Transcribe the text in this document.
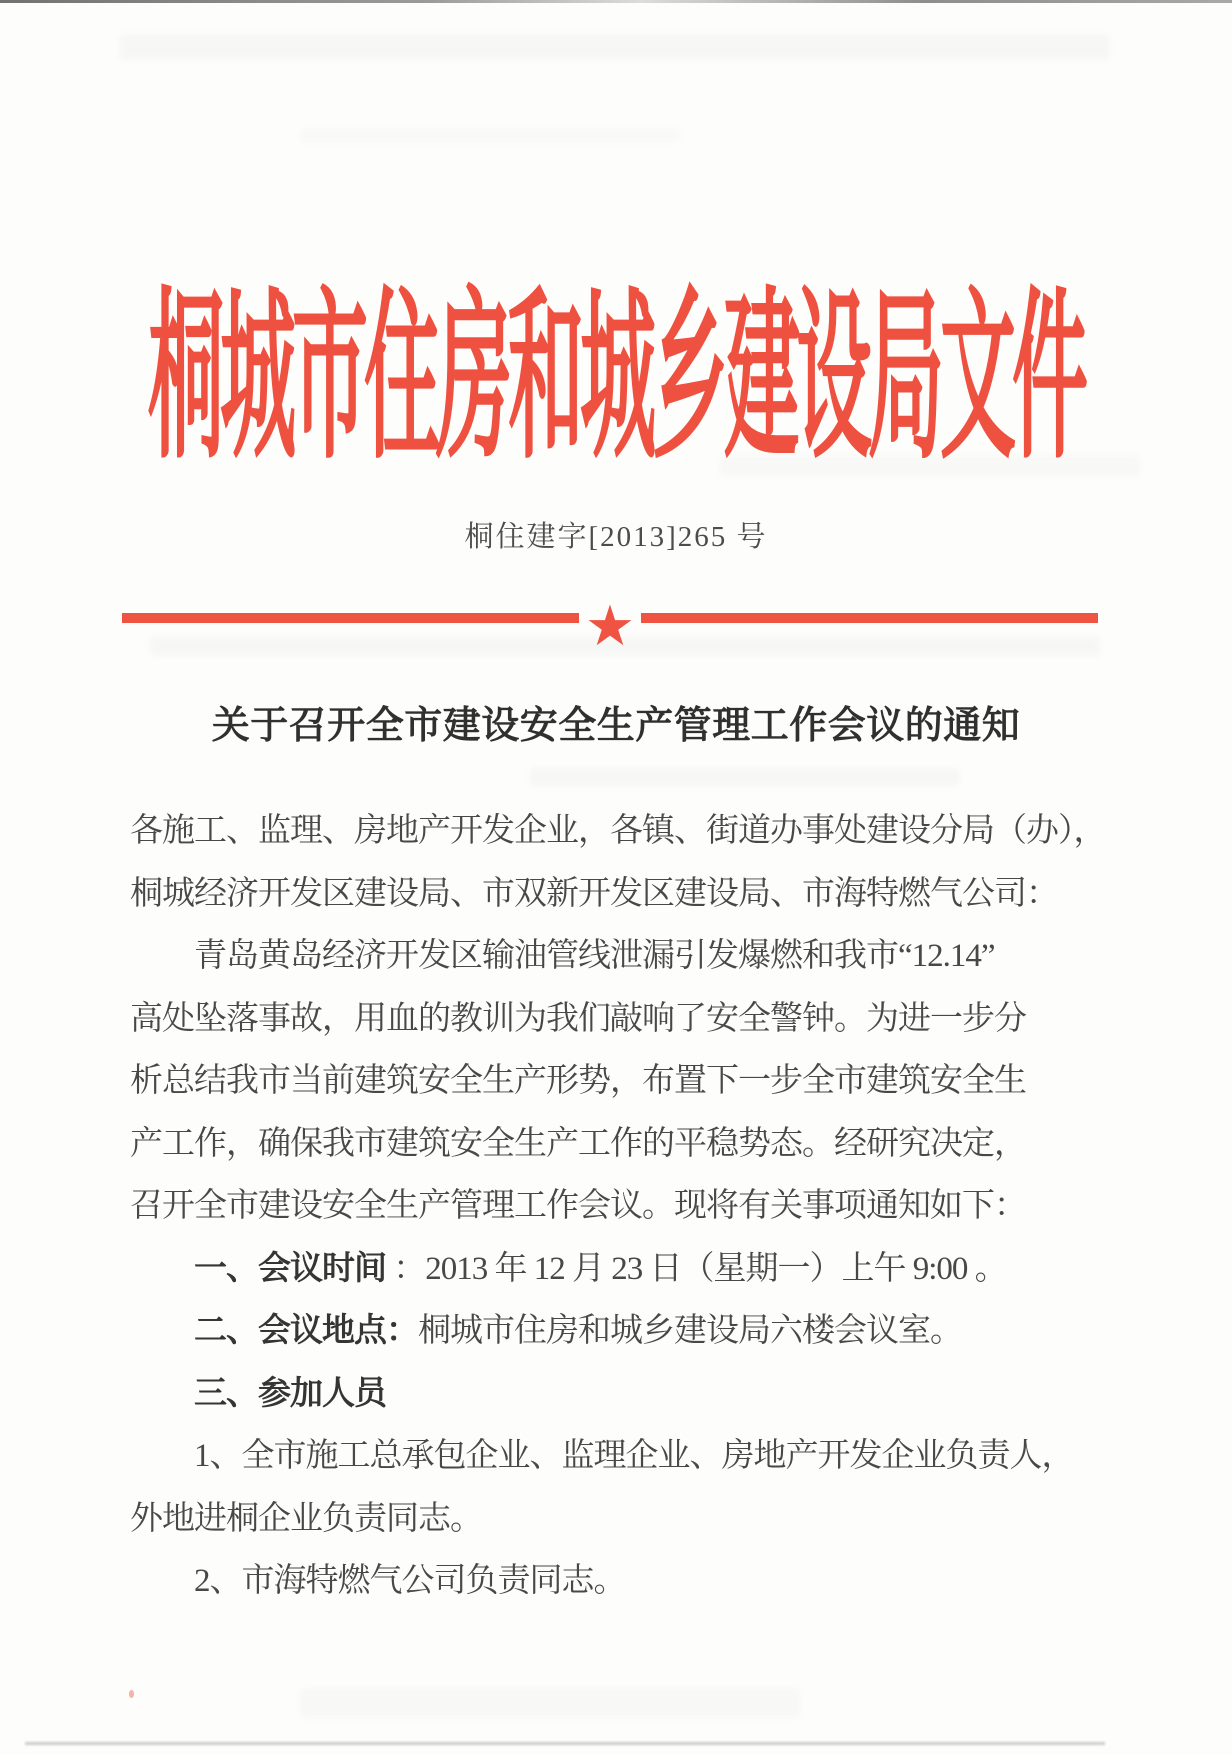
桐城市住房和城乡建设局文件
桐住建字[2013]265 号
★
关于召开全市建设安全生产管理工作会议的通知
各施工、监理、房地产开发企业，各镇、街道办事处建设分局（办），
桐城经济开发区建设局、市双新开发区建设局、市海特燃气公司：
　　青岛黄岛经济开发区输油管线泄漏引发爆燃和我市“12.14”
高处坠落事故，用血的教训为我们敲响了安全警钟。为进一步分
析总结我市当前建筑安全生产形势，布置下一步全市建筑安全生
产工作，确保我市建筑安全生产工作的平稳势态。经研究决定，
召开全市建设安全生产管理工作会议。现将有关事项通知如下：
　　一、会议时间 ：2013 年 12 月 23 日（星期一）上午 9:00 。
　　二、会议地点：桐城市住房和城乡建设局六楼会议室。
　　三、参加人员
　　1、全市施工总承包企业、监理企业、房地产开发企业负责人，
外地进桐企业负责同志。
　　2、市海特燃气公司负责同志。
